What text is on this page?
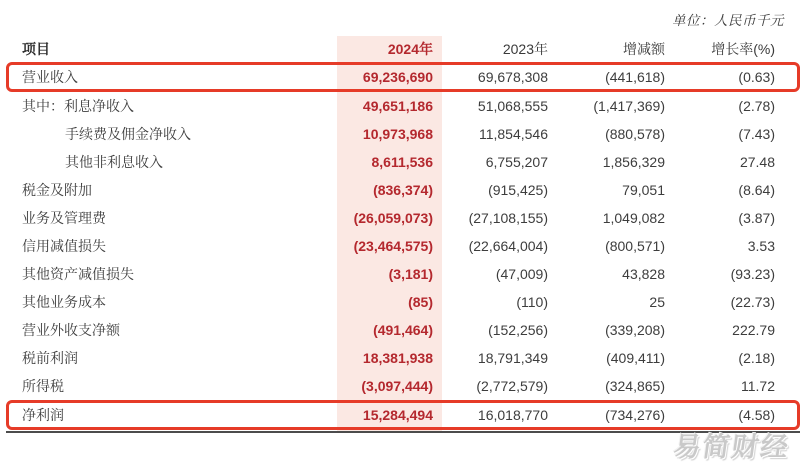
单位：人民币千元
项目	2024年	2023年	增减额	增长率(%)
营业收入	69,236,690	69,678,308	(441,618)	(0.63)
其中：利息净收入	49,651,186	51,068,555	(1,417,369)	(2.78)
手续费及佣金净收入	10,973,968	11,854,546	(880,578)	(7.43)
其他非利息收入	8,611,536	6,755,207	1,856,329	27.48
税金及附加	(836,374)	(915,425)	79,051	(8.64)
业务及管理费	(26,059,073)	(27,108,155)	1,049,082	(3.87)
信用减值损失	(23,464,575)	(22,664,004)	(800,571)	3.53
其他资产减值损失	(3,181)	(47,009)	43,828	(93.23)
其他业务成本	(85)	(110)	25	(22.73)
营业外收支净额	(491,464)	(152,256)	(339,208)	222.79
税前利润	18,381,938	18,791,349	(409,411)	(2.18)
所得税	(3,097,444)	(2,772,579)	(324,865)	11.72
净利润	15,284,494	16,018,770	(734,276)	(4.58)
易简财经
